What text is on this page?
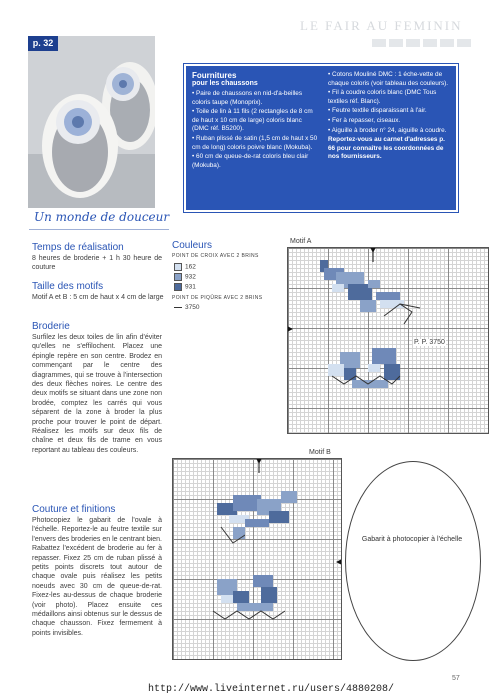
LE FAIR AU FEMININ
p. 32
Fournitures
pour les chaussons

• Paire de chaussons en nid-d'a-beilles coloris taupe (Monoprix).

• Toile de lin à 11 fils (2 rectangles de 8 cm de haut x 10 cm de large) coloris blanc (DMC réf. B5200).

• Ruban plissé de satin (1,5 cm de haut x 50 cm de long) coloris poivre blanc (Mokuba).

• 60 cm de queue-de-rat coloris bleu clair (Mokuba).

• Cotons Mouliné DMC : 1 éche-vette de chaque coloris (voir tableau des couleurs).

• Fil à coudre coloris blanc (DMC Tous textiles réf. Blanc).

• Feutre textile disparaissant à l'air.

• Fer à repasser, ciseaux.

• Aiguille à broder n° 24, aiguille à coudre.

Reportez-vous au carnet d'adresses p. 66 pour connaître les coordonnées de nos fournisseurs.

Un monde de douceur
Temps de réalisation
8 heures de broderie + 1 h 30 heure de couture
Taille des motifs
Motif A et B : 5 cm de haut x 4 cm de large
Couleurs
POINT DE CROIX AVEC 2 BRINS
162
932
931
POINT DE PIQÛRE AVEC 2 BRINS
3750
Broderie
Surfilez les deux toiles de lin afin d'éviter qu'elles ne s'effilochent. Placez une épingle repère en son centre. Brodez en commençant par le centre des diagrammes, qui se trouve à l'intersection des deux flèches noires. Le centre des deux motifs se situant dans une zone non brodée, comptez les carrés qui vous séparent de la zone à broder la plus proche pour trouver le point de départ. Réalisez les motifs sur deux fils de chaîne et deux fils de trame en vous reportant au tableau des couleurs.
Couture et finitions
Photocopiez le gabarit de l'ovale à l'échelle. Reportez-le au feutre textile sur l'envers des broderies en le centrant bien. Rabattez l'excédent de broderie au fer à repasser. Fixez 25 cm de ruban plissé à petits points discrets tout autour de chaque ovale puis réalisez les petits noeuds avec 30 cm de queue-de-rat. Fixez-les au-dessus de chaque broderie (voir photo). Placez ensuite ces médaillons ainsi obtenus sur le dessus de chaque chausson. Fixez fermement à points invisibles.
Motif A
P. P. 3750
Motif B
Gabarit à photocopier à l'échelle
57
http://www.liveinternet.ru/users/4880208/
